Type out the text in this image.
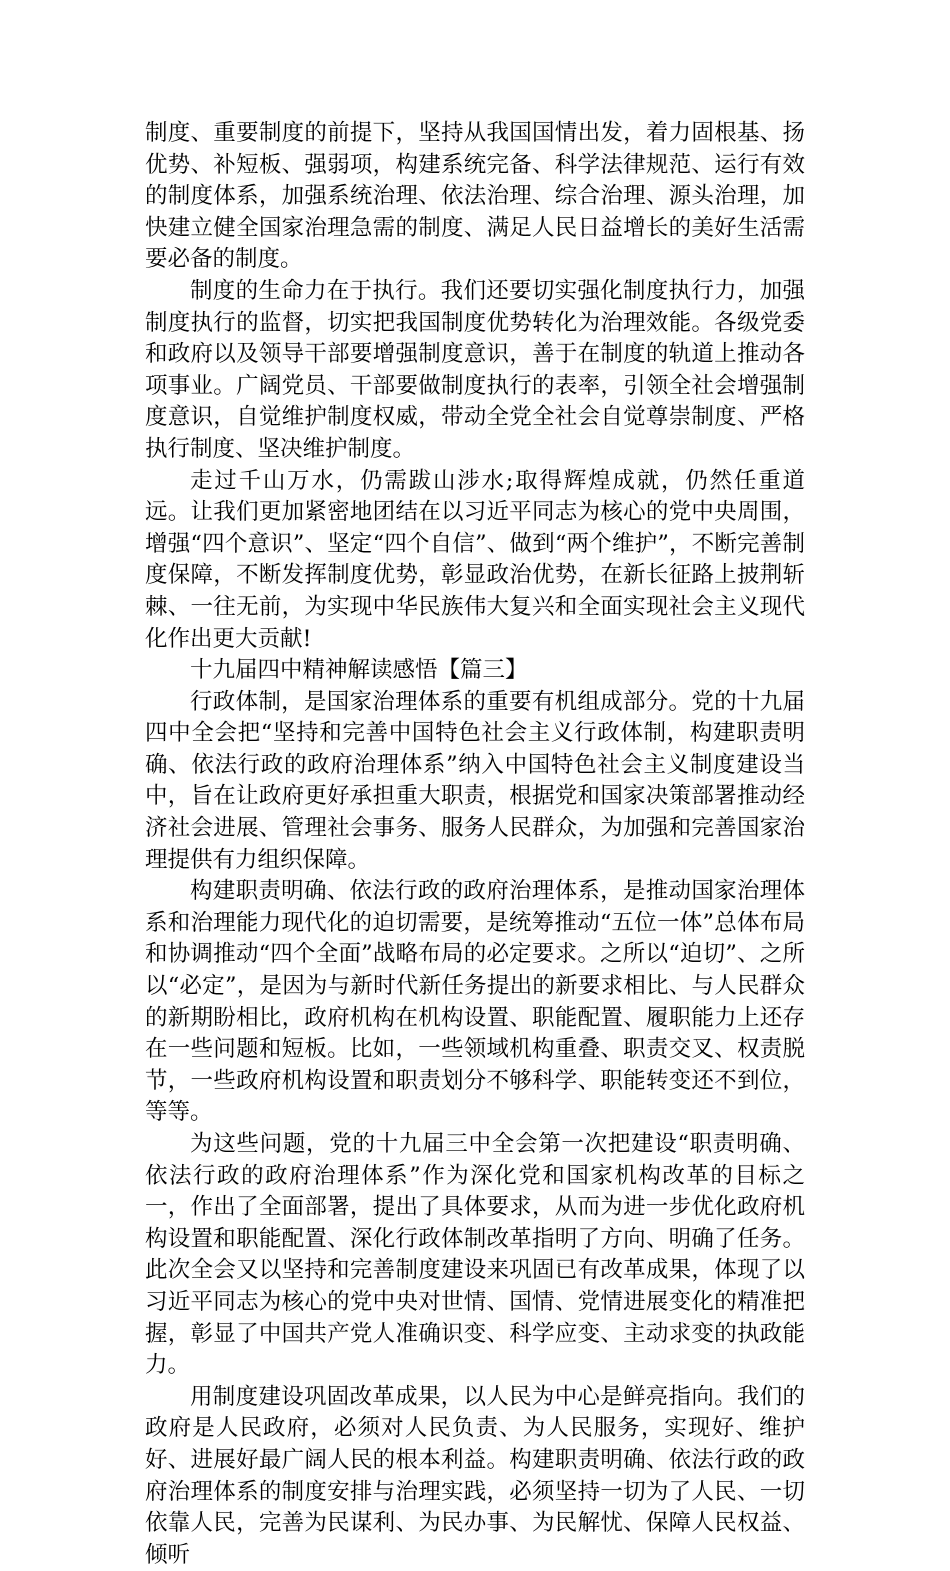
制度、重要制度的前提下，坚持从我国国情出发，着力固根基、扬优势、补短板、强弱项，构建系统完备、科学法律规范、运行有效的制度体系，加强系统治理、依法治理、综合治理、源头治理，加快建立健全国家治理急需的制度、满足人民日益增长的美好生活需要必备的制度。

制度的生命力在于执行。我们还要切实强化制度执行力，加强制度执行的监督，切实把我国制度优势转化为治理效能。各级党委和政府以及领导干部要增强制度意识，善于在制度的轨道上推动各项事业。广阔党员、干部要做制度执行的表率，引领全社会增强制度意识，自觉维护制度权威，带动全党全社会自觉尊崇制度、严格执行制度、坚决维护制度。

走过千山万水，仍需跋山涉水;取得辉煌成就，仍然任重道远。让我们更加紧密地团结在以习近平同志为核心的党中央周围，增强“四个意识”、坚定“四个自信”、做到“两个维护”，不断完善制度保障，不断发挥制度优势，彰显政治优势，在新长征路上披荆斩棘、一往无前，为实现中华民族伟大复兴和全面实现社会主义现代化作出更大贡献!

十九届四中精神解读感悟【篇三】

行政体制，是国家治理体系的重要有机组成部分。党的十九届四中全会把“坚持和完善中国特色社会主义行政体制，构建职责明确、依法行政的政府治理体系”纳入中国特色社会主义制度建设当中，旨在让政府更好承担重大职责，根据党和国家决策部署推动经济社会进展、管理社会事务、服务人民群众，为加强和完善国家治理提供有力组织保障。

构建职责明确、依法行政的政府治理体系，是推动国家治理体系和治理能力现代化的迫切需要，是统筹推动“五位一体”总体布局和协调推动“四个全面”战略布局的必定要求。之所以“迫切”、之所以“必定”，是因为与新时代新任务提出的新要求相比、与人民群众的新期盼相比，政府机构在机构设置、职能配置、履职能力上还存在一些问题和短板。比如，一些领域机构重叠、职责交叉、权责脱节，一些政府机构设置和职责划分不够科学、职能转变还不到位，等等。

为这些问题，党的十九届三中全会第一次把建设“职责明确、依法行政的政府治理体系”作为深化党和国家机构改革的目标之一，作出了全面部署，提出了具体要求，从而为进一步优化政府机构设置和职能配置、深化行政体制改革指明了方向、明确了任务。此次全会又以坚持和完善制度建设来巩固已有改革成果，体现了以习近平同志为核心的党中央对世情、国情、党情进展变化的精准把握，彰显了中国共产党人准确识变、科学应变、主动求变的执政能力。

用制度建设巩固改革成果，以人民为中心是鲜亮指向。我们的政府是人民政府，必须对人民负责、为人民服务，实现好、维护好、进展好最广阔人民的根本利益。构建职责明确、依法行政的政府治理体系的制度安排与治理实践，必须坚持一切为了人民、一切依靠人民，完善为民谋利、为民办事、为民解忧、保障人民权益、倾听
